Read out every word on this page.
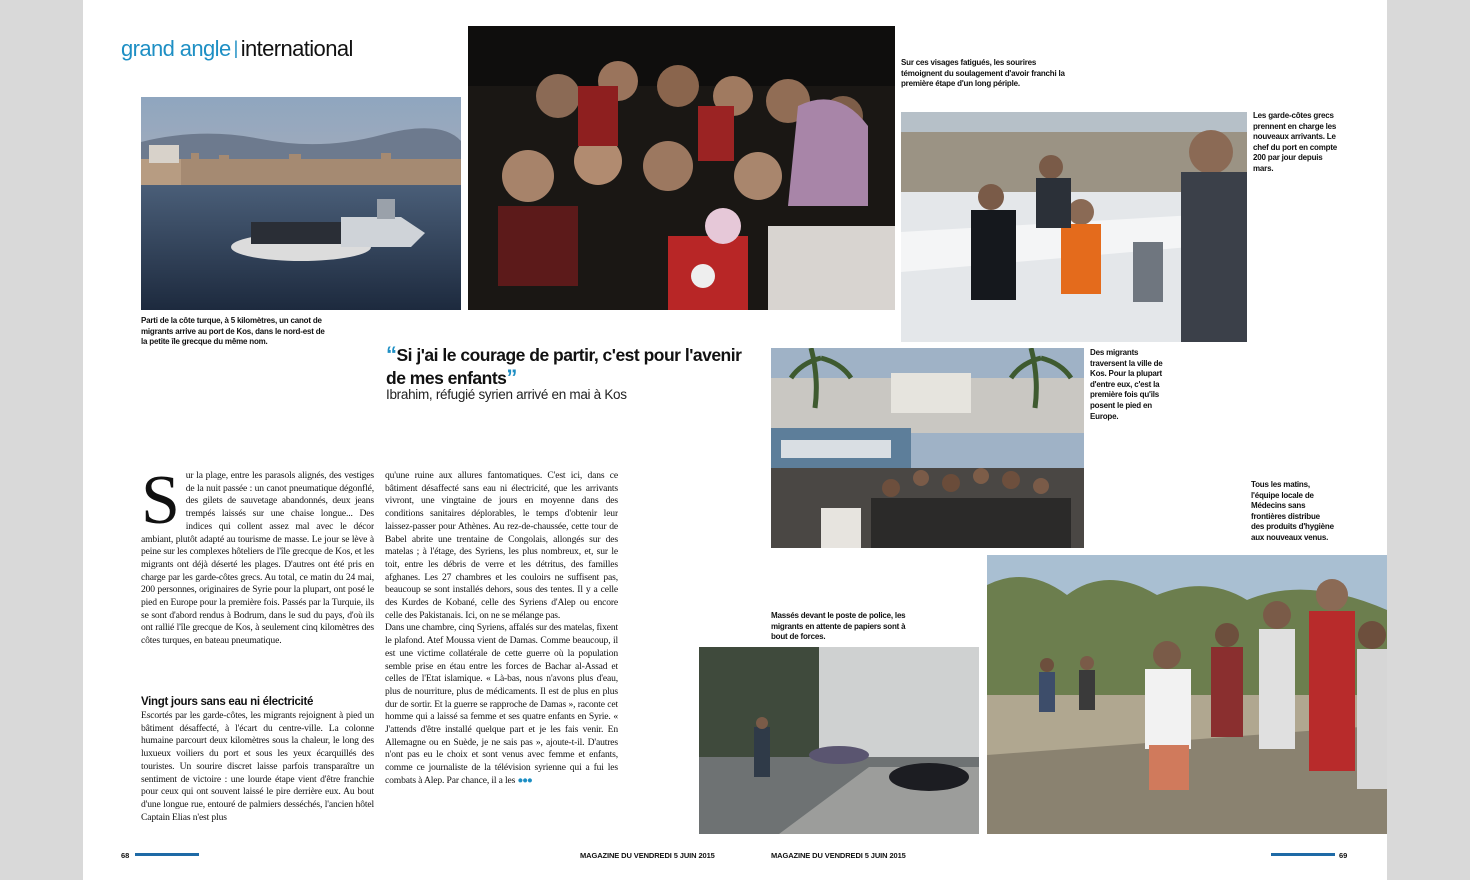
grand angle | international
Parti de la côte turque, à 5 kilomètres, un canot de migrants arrive au port de Kos, dans le nord-est de la petite île grecque du même nom.
Sur ces visages fatigués, les sourires témoignent du soulagement d'avoir franchi la première étape d'un long périple.
Les garde-côtes grecs prennent en charge les nouveaux arrivants. Le chef du port en compte 200 par jour depuis mars.
“Si j'ai le courage de partir, c'est pour l'avenir de mes enfants”
Ibrahim, réfugié syrien arrivé en mai à Kos
Des migrants traversent la ville de Kos. Pour la plupart d'entre eux, c'est la première fois qu'ils posent le pied en Europe.
Tous les matins, l'équipe locale de Médecins sans frontières distribue des produits d'hygiène aux nouveaux venus.
Massés devant le poste de police, les migrants en attente de papiers sont à bout de forces.
Sur la plage, entre les parasols alignés, des vestiges de la nuit passée : un canot pneumatique dégonflé, des gilets de sauvetage abandonnés, deux jeans trempés laissés sur une chaise longue... Des indices qui collent assez mal avec le décor ambiant, plutôt adapté au tourisme de masse. Le jour se lève à peine sur les complexes hôteliers de l'île grecque de Kos, et les migrants ont déjà déserté les plages. D'autres ont été pris en charge par les garde-côtes grecs. Au total, ce matin du 24 mai, 200 personnes, originaires de Syrie pour la plupart, ont posé le pied en Europe pour la première fois. Passés par la Turquie, ils se sont d'abord rendus à Bodrum, dans le sud du pays, d'où ils ont rallié l'île grecque de Kos, à seulement cinq kilomètres des côtes turques, en bateau pneumatique.
Vingt jours sans eau ni électricité
Escortés par les garde-côtes, les migrants rejoignent à pied un bâtiment désaffecté, à l'écart du centre-ville. La colonne humaine parcourt deux kilomètres sous la chaleur, le long des luxueux voiliers du port et sous les yeux écarquillés des touristes. Un sourire discret laisse parfois transparaître un sentiment de victoire : une lourde étape vient d'être franchie pour ceux qui ont souvent laissé le pire derrière eux. Au bout d'une longue rue, entouré de palmiers desséchés, l'ancien hôtel Captain Elias n'est plus

qu'une ruine aux allures fantomatiques. C'est ici, dans ce bâtiment désaffecté sans eau ni électricité, que les arrivants vivront, une vingtaine de jours en moyenne dans des conditions sanitaires déplorables, le temps d'obtenir leur laissez-passer pour Athènes. Au rez-de-chaussée, cette tour de Babel abrite une trentaine de Congolais, allongés sur des matelas ; à l'étage, des Syriens, les plus nombreux, et, sur le toit, entre les débris de verre et les détritus, des familles afghanes. Les 27 chambres et les couloirs ne suffisent pas, beaucoup se sont installés dehors, sous des tentes. Il y a celle des Kurdes de Kobané, celle des Syriens d'Alep ou encore celle des Pakistanais. Ici, on ne se mélange pas.

Dans une chambre, cinq Syriens, affalés sur des matelas, fixent le plafond. Atef Moussa vient de Damas. Comme beaucoup, il est une victime collatérale de cette guerre où la population semble prise en étau entre les forces de Bachar al-Assad et celles de l'Etat islamique. « Là-bas, nous n'avons plus d'eau, plus de nourriture, plus de médicaments. Il est de plus en plus dur de sortir. Et la guerre se rapproche de Damas », raconte cet homme qui a laissé sa femme et ses quatre enfants en Syrie. « J'attends d'être installé quelque part et je les fais venir. En Allemagne ou en Suède, je ne sais pas », ajoute-t-il. D'autres n'ont pas eu le choix et sont venus avec femme et enfants, comme ce journaliste de la télévision syrienne qui a fui les combats à Alep. Par chance, il a les ●●●

68	MAGAZINE DU VENDREDI 5 JUIN 2015	MAGAZINE DU VENDREDI 5 JUIN 2015	69
